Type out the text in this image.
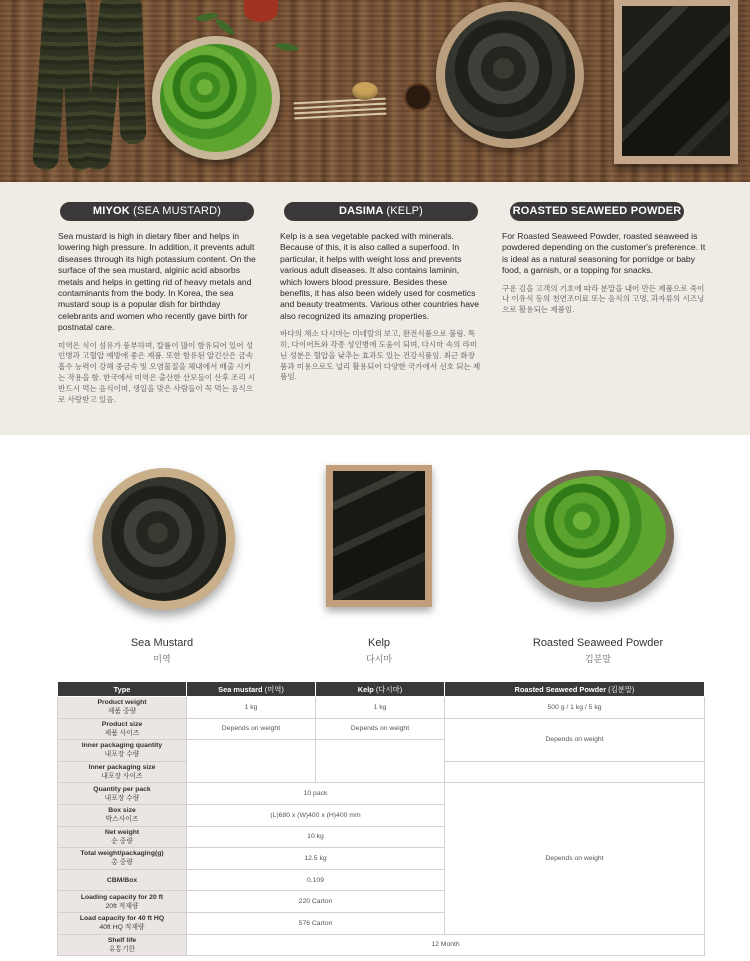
MIYOK (SEA MUSTARD)
Sea mustard is high in dietary fiber and helps in lowering high pressure. In addition, it prevents adult diseases through its high potassium content. On the surface of the sea mustard, alginic acid absorbs metals and helps in getting rid of heavy metals and contaminants from the body. In Korea, the sea mustard soup is a popular dish for birthday celebrants and women who recently gave birth for postnatal care.
미역은 식이 섬유가 풍부하며, 칼륨이 많이 함유되어 있어 성인병과 고혈압 예방에 좋은 제품. 또한 함유된 알긴산은 금속 흡수 능력이 강해 중금속 및 오염물질을 체내에서 배출 시키는 작용을 함. 한국에서 미역은 출산한 산모들이 산후 조리 시 반드시 먹는 음식이며, 생일을 맞은 사람들이 꼭 먹는 음식으로 사랑받고 있음.
DASIMA (KELP)
Kelp is a sea vegetable packed with minerals. Because of this, it is also called a superfood. In particular, it helps with weight loss and prevents various adult diseases. It also contains laminin, which lowers blood pressure. Besides these benefits, it has also been widely used for cosmetics and beauty treatments. Various other countries have also recognized its amazing properties.
바다의 채소 다시마는 미네랄의 보고, 완전식품으로 불림. 특히, 다이어트와 각종 성인병에 도움이 되며, 다시마 속의 라미닌 성분은 혈압을 낮추는 효과도 있는 건강식품임. 최근 화장품과 미용으로도 널리 활용되어 다양한 국가에서 선호 되는 제품임.
ROASTED SEAWEED POWDER
For Roasted Seaweed Powder, roasted seaweed is powdered depending on the customer's preference. It is ideal as a natural seasoning for porridge or baby food, a garnish, or a topping for snacks.
구운 김을 고객의 기호에 따라 분말을 내어 만든 제품으로 죽이나 이유식 등의 천연조미료 또는 음식의 고명, 과자류의 시즈닝으로 활용되는 제품임.
Sea Mustard
미역
Kelp
다시마
Roasted Seaweed Powder
김분말
Type	Sea mustard (미역)	Kelp (다시마)	Roasted Seaweed Powder (김분말)
Product weight
제품 중량	1 kg	1 kg	500 g / 1 kg / 5 kg
Product size
제품 사이즈	Depends on weight	Depends on weight	Depends on weight
Inner packaging quantity
내포장 수량			

Inner packaging size
내포장 사이즈			

Quantity per pack
내포장 수량	10 pack		Depends on weight
Box size
박스사이즈	(L)680 x (W)400 x (H)400 mm		
Net weight
순 중량	10 kg		
Total weight/packaging(g)
총 중량	12.5 kg		
CBM/Box	0.109		
Loading capacity for 20 ft
20ft 적재량	220 Carton		
Load capacity for 40 ft HQ
40ft HQ 적재량	576 Carton		
Shelf life
유통기한	12 Month		
